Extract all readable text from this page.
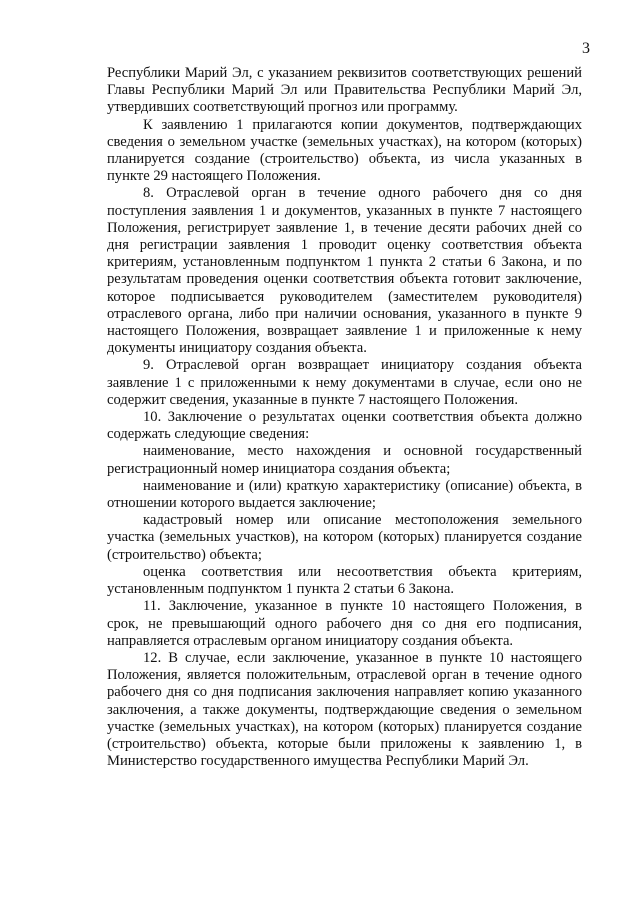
3

Республики Марий Эл, с указанием реквизитов соответствующих решений Главы Республики Марий Эл или Правительства Республики Марий Эл, утвердивших соответствующий прогноз или программу.

К заявлению 1 прилагаются копии документов, подтверждающих сведения о земельном участке (земельных участках), на котором (которых) планируется создание (строительство) объекта, из числа указанных в пункте 29 настоящего Положения.

8. Отраслевой орган в течение одного рабочего дня со дня поступления заявления 1 и документов, указанных в пункте 7 настоящего Положения, регистрирует заявление 1, в течение десяти рабочих дней со дня регистрации заявления 1 проводит оценку соответствия объекта критериям, установленным подпунктом 1 пункта 2 статьи 6 Закона, и по результатам проведения оценки соответствия объекта готовит заключение, которое подписывается руководителем (заместителем руководителя) отраслевого органа, либо при наличии основания, указанного в пункте 9 настоящего Положения, возвращает заявление 1 и приложенные к нему документы инициатору создания объекта.

9. Отраслевой орган возвращает инициатору создания объекта заявление 1 с приложенными к нему документами в случае, если оно не содержит сведения, указанные в пункте 7 настоящего Положения.

10. Заключение о результатах оценки соответствия объекта должно содержать следующие сведения:

наименование, место нахождения и основной государственный регистрационный номер инициатора создания объекта;

наименование и (или) краткую характеристику (описание) объекта, в отношении которого выдается заключение;

кадастровый номер или описание местоположения земельного участка (земельных участков), на котором (которых) планируется создание (строительство) объекта;

оценка соответствия или несоответствия объекта критериям, установленным подпунктом 1 пункта 2 статьи 6 Закона.

11. Заключение, указанное в пункте 10 настоящего Положения, в срок, не превышающий одного рабочего дня со дня его подписания, направляется отраслевым органом инициатору создания объекта.

12. В случае, если заключение, указанное в пункте 10 настоящего Положения, является положительным, отраслевой орган в течение одного рабочего дня со дня подписания заключения направляет копию указанного заключения, а также документы, подтверждающие сведения о земельном участке (земельных участках), на котором (которых) планируется создание (строительство) объекта, которые были приложены к заявлению 1, в Министерство государственного имущества Республики Марий Эл.
